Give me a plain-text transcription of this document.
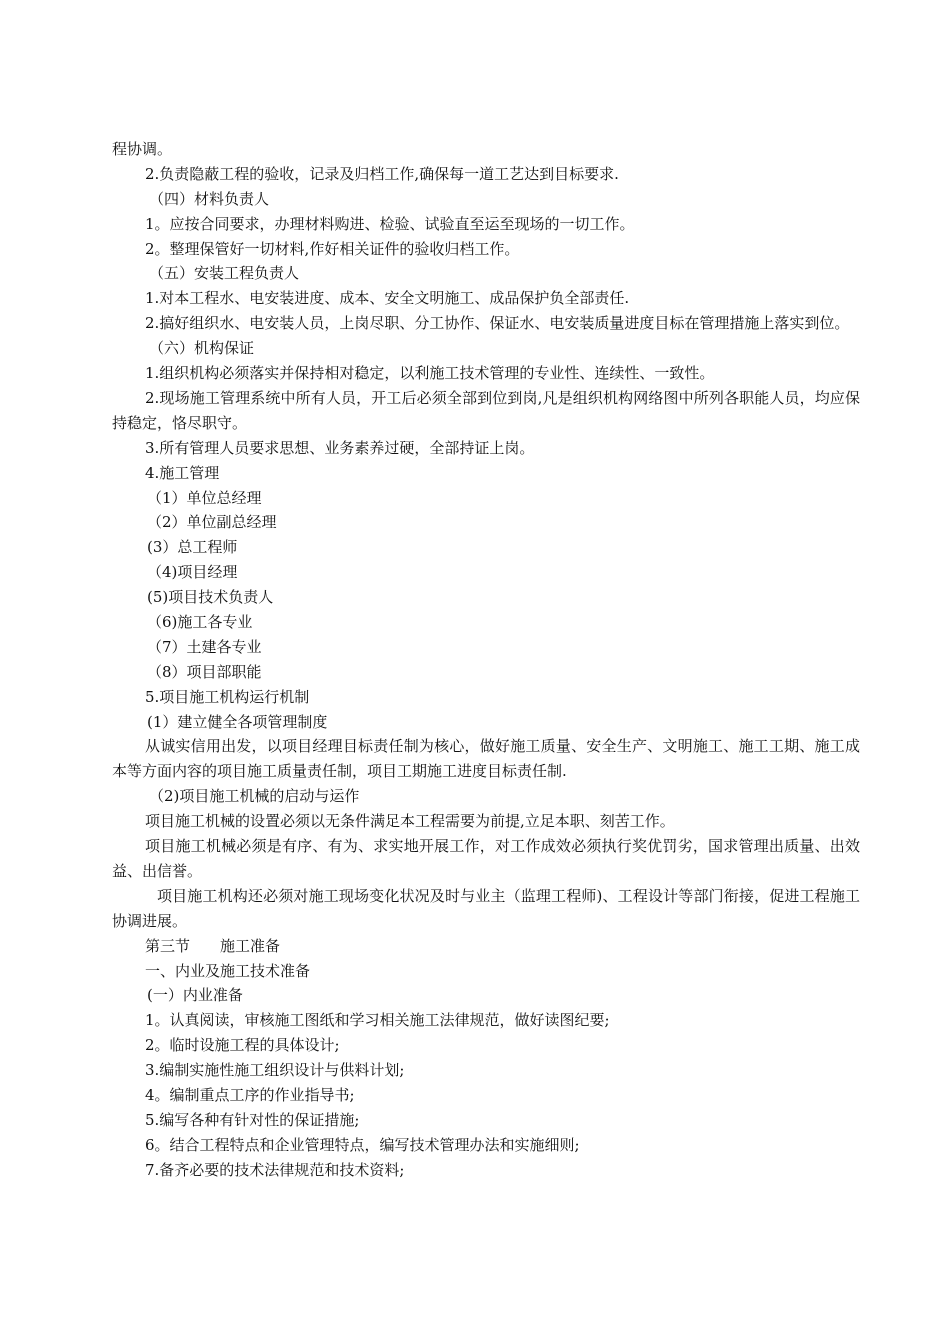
程协调。
2.负责隐蔽工程的验收，记录及归档工作,确保每一道工艺达到目标要求.
（四）材料负责人
1。应按合同要求，办理材料购进、检验、试验直至运至现场的一切工作。
2。整理保管好一切材料,作好相关证件的验收归档工作。
（五）安装工程负责人
1.对本工程水、电安装进度、成本、安全文明施工、成品保护负全部责任.
2.搞好组织水、电安装人员，上岗尽职、分工协作、保证水、电安装质量进度目标在管理措施上落实到位。
（六）机构保证
1.组织机构必须落实并保持相对稳定，以利施工技术管理的专业性、连续性、一致性。
2.现场施工管理系统中所有人员，开工后必须全部到位到岗,凡是组织机构网络图中所列各职能人员，均应保持稳定，恪尽职守。
3.所有管理人员要求思想、业务素养过硬，全部持证上岗。
4.施工管理
（1）单位总经理
（2）单位副总经理
(3）总工程师
（4)项目经理
(5)项目技术负责人
（6)施工各专业
（7）土建各专业
（8）项目部职能
5.项目施工机构运行机制
(1）建立健全各项管理制度
从诚实信用出发，以项目经理目标责任制为核心，做好施工质量、安全生产、文明施工、施工工期、施工成本等方面内容的项目施工质量责任制，项目工期施工进度目标责任制.
（2)项目施工机械的启动与运作
项目施工机械的设置必须以无条件满足本工程需要为前提,立足本职、刻苦工作。
项目施工机械必须是有序、有为、求实地开展工作，对工作成效必须执行奖优罚劣，国求管理出质量、出效益、出信誉。
项目施工机构还必须对施工现场变化状况及时与业主（监理工程师)、工程设计等部门衔接，促进工程施工协调进展。
第三节　　施工准备
一、内业及施工技术准备
(一）内业准备
1。认真阅读，审核施工图纸和学习相关施工法律规范，做好读图纪要;
2。临时设施工程的具体设计;
3.编制实施性施工组织设计与供料计划;
4。编制重点工序的作业指导书;
5.编写各种有针对性的保证措施;
6。结合工程特点和企业管理特点，编写技术管理办法和实施细则;
7.备齐必要的技术法律规范和技术资料;
